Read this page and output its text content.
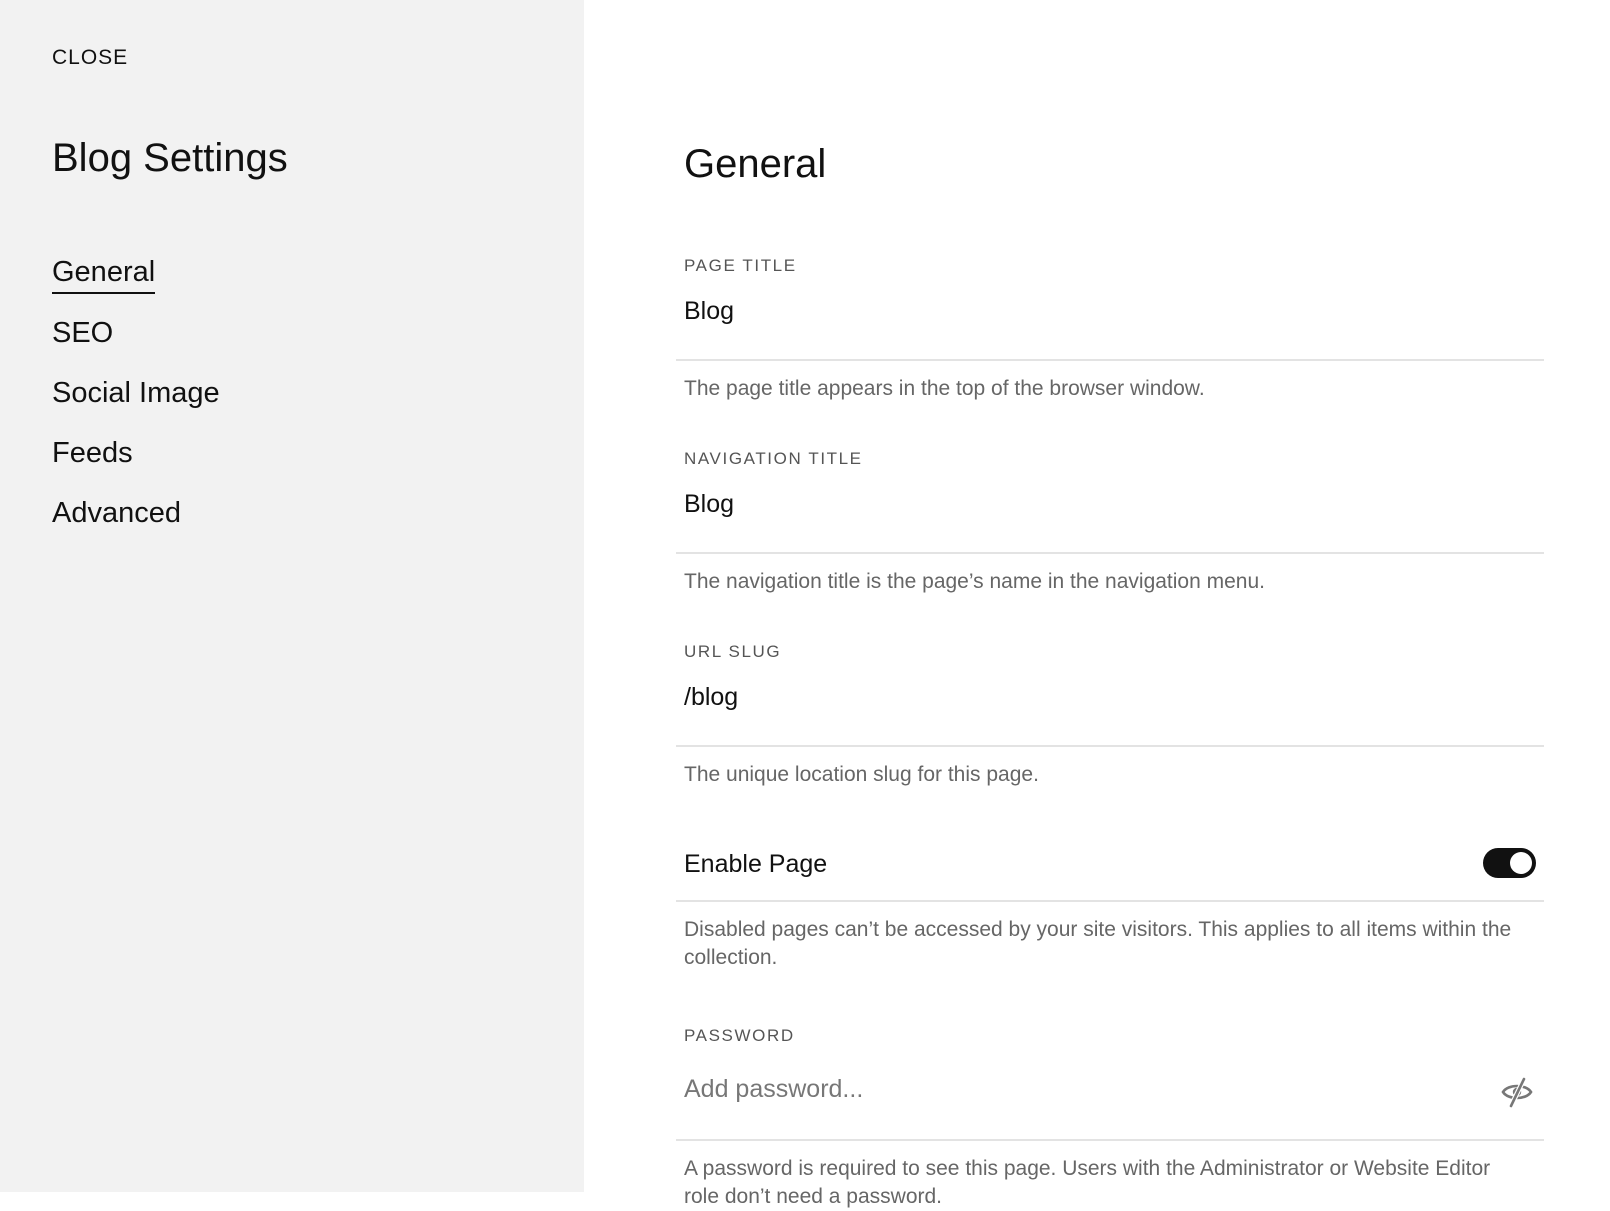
CLOSE
Blog Settings
General
SEO
Social Image
Feeds
Advanced
General
PAGE TITLE
Blog
The page title appears in the top of the browser window.
NAVIGATION TITLE
Blog
The navigation title is the page’s name in the navigation menu.
URL SLUG
/blog
The unique location slug for this page.
Enable Page
Disabled pages can’t be accessed by your site visitors. This applies to all items within the collection.
PASSWORD
A password is required to see this page. Users with the Administrator or Website Editor role don’t need a password.
